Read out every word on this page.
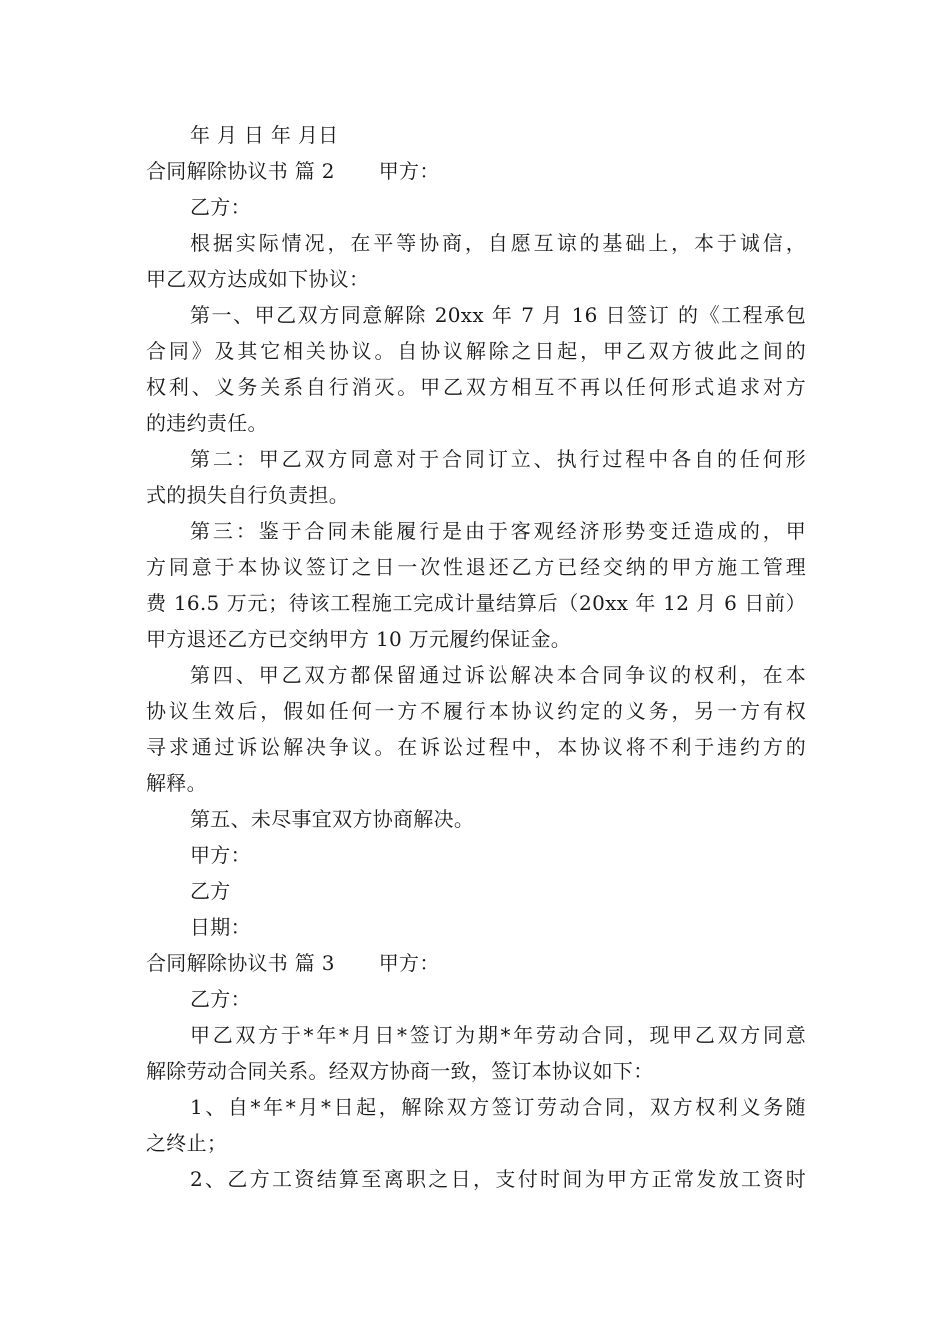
年 月 日 年 月日
合同解除协议书 篇 2 甲方：
乙方：
根据实际情况，在平等协商，自愿互谅的基础上，本于诚信，
甲乙双方达成如下协议：
第一、甲乙双方同意解除 20xx 年 7 月 16 日签订 的《工程承包
合同》及其它相关协议。自协议解除之日起，甲乙双方彼此之间的
权利、义务关系自行消灭。甲乙双方相互不再以任何形式追求对方
的违约责任。
第二：甲乙双方同意对于合同订立、执行过程中各自的任何形
式的损失自行负责担。
第三：鉴于合同未能履行是由于客观经济形势变迁造成的，甲
方同意于本协议签订之日一次性退还乙方已经交纳的甲方施工管理
费 16.5 万元；待该工程施工完成计量结算后（20xx 年 12 月 6 日前）
甲方退还乙方已交纳甲方 10 万元履约保证金。
第四、甲乙双方都保留通过诉讼解决本合同争议的权利，在本
协议生效后，假如任何一方不履行本协议约定的义务，另一方有权
寻求通过诉讼解决争议。在诉讼过程中，本协议将不利于违约方的
解释。
第五、未尽事宜双方协商解决。
甲方：
乙方
日期：
合同解除协议书 篇 3 甲方：
乙方：
甲乙双方于*年*月日*签订为期*年劳动合同，现甲乙双方同意
解除劳动合同关系。经双方协商一致，签订本协议如下：
1、自*年*月*日起，解除双方签订劳动合同，双方权利义务随
之终止；
2、乙方工资结算至离职之日，支付时间为甲方正常发放工资时
